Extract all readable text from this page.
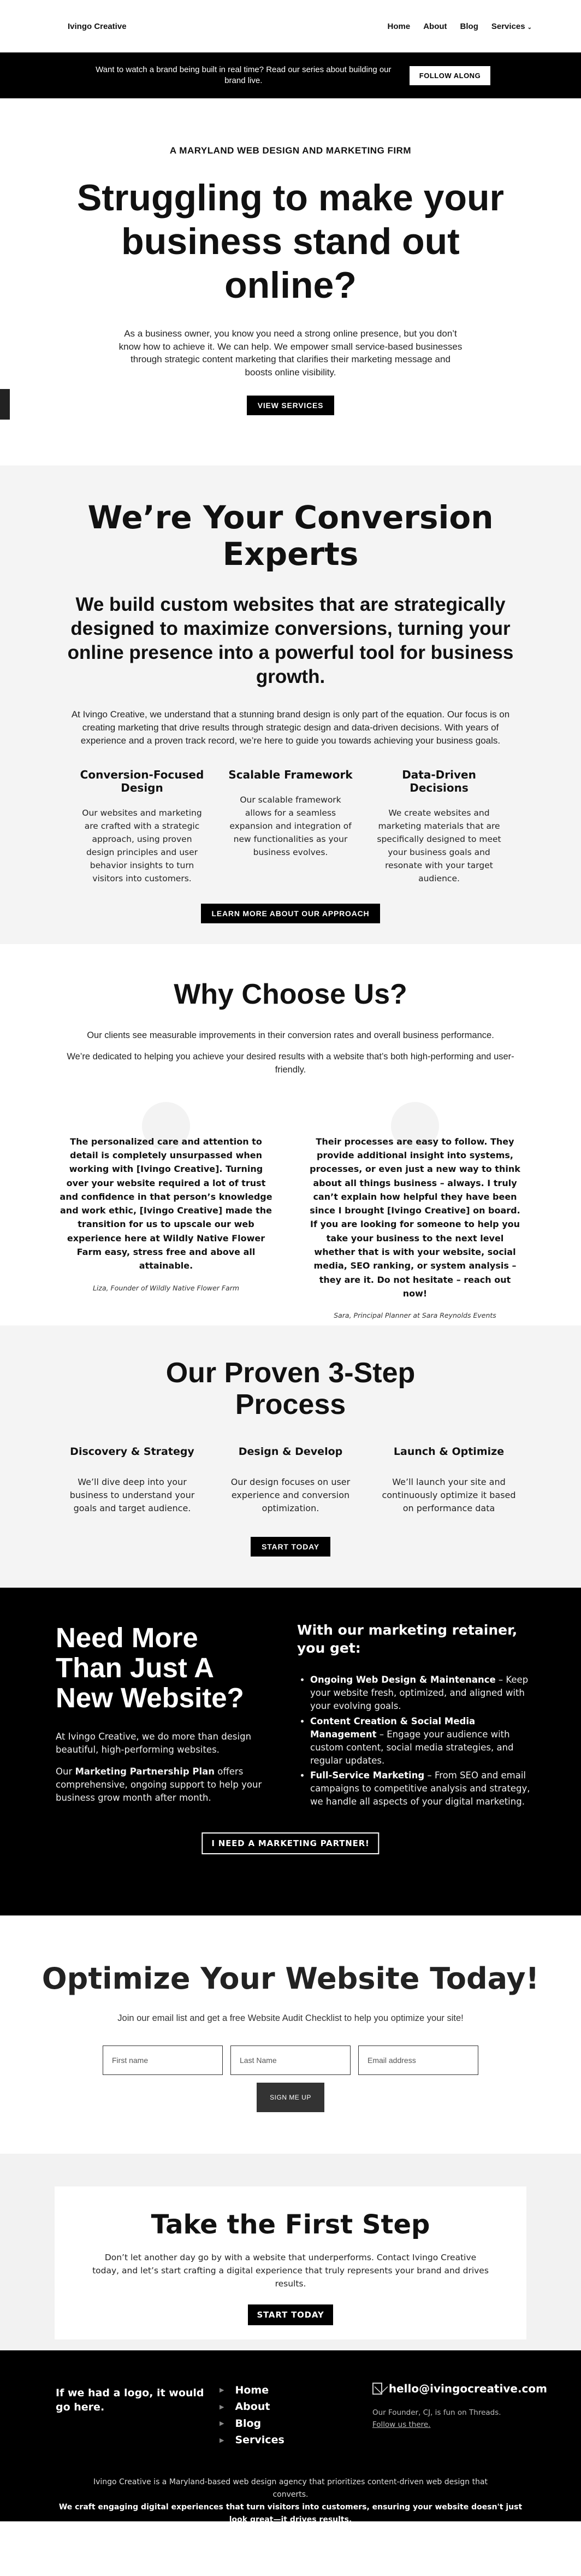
Ivingo Creative	Home About Blog Services ⌄

Want to watch a brand being built in real time? Read our series about building our brand live.

FOLLOW ALONG
A MARYLAND WEB DESIGN AND MARKETING FIRM
Struggling to make your business stand out online?

As a business owner, you know you need a strong online presence, but you don’t know how to achieve it. We can help. We empower small service-based businesses through strategic content marketing that clarifies their marketing message and boosts online visibility.

VIEW SERVICES
We’re Your Conversion Experts
We build custom websites that are strategically designed to maximize conversions, turning your online presence into a powerful tool for business growth.

At Ivingo Creative, we understand that a stunning brand design is only part of the equation. Our focus is on creating marketing that drive results through strategic design and data-driven decisions. With years of experience and a proven track record, we’re here to guide you towards achieving your business goals.

Conversion-Focused Design

Our websites and marketing are crafted with a strategic approach, using proven design principles and user behavior insights to turn visitors into customers.

Scalable Framework

Our scalable framework allows for a seamless expansion and integration of new functionalities as your business evolves.

Data-Driven Decisions

We create websites and marketing materials that are specifically designed to meet your business goals and resonate with your target audience.

LEARN MORE ABOUT OUR APPROACH
Why Choose Us?

Our clients see measurable improvements in their conversion rates and overall business performance.

We’re dedicated to helping you achieve your desired results with a website that’s both high-performing and user-friendly.

The personalized care and attention to detail is completely unsurpassed when working with [Ivingo Creative]. Turning over your website required a lot of trust and confidence in that person’s knowledge and work ethic, [Ivingo Creative] made the transition for us to upscale our web experience here at Wildly Native Flower Farm easy, stress free and above all attainable.

Liza, Founder of Wildly Native Flower Farm

Their processes are easy to follow. They provide additional insight into systems, processes, or even just a new way to think about all things business – always. I truly can’t explain how helpful they have been since I brought [Ivingo Creative] on board. If you are looking for someone to help you take your business to the next level whether that is with your website, social media, SEO ranking, or system analysis – they are it. Do not hesitate – reach out now!

Sara, Principal Planner at Sara Reynolds Events

Our Proven 3-Step Process
Discovery & Strategy

We’ll dive deep into your business to understand your goals and target audience.

Design & Develop

Our design focuses on user experience and conversion optimization.

Launch & Optimize

We’ll launch your site and continuously optimize it based on performance data

START TODAY
Need More Than Just A New Website?

At Ivingo Creative, we do more than design beautiful, high-performing websites.

Our Marketing Partnership Plan offers comprehensive, ongoing support to help your business grow month after month.

With our marketing retainer, you get:
• Ongoing Web Design & Maintenance – Keep your website fresh, optimized, and aligned with your evolving goals.
• Content Creation & Social Media Management – Engage your audience with custom content, social media strategies, and regular updates.
• Full-Service Marketing – From SEO and email campaigns to competitive analysis and strategy, we handle all aspects of your digital marketing.
I NEED A MARKETING PARTNER!
Optimize Your Website Today!

Join our email list and get a free Website Audit Checklist to help you optimize your site!

First name
Last Name
Email address
SIGN ME UP
Take the First Step

Don’t let another day go by with a website that underperforms. Contact Ivingo Creative today, and let’s start crafting a digital experience that truly represents your brand and drives results.

START TODAY
If we had a logo, it would go here.
▶ Home
▶ About
▶ Blog
▶ Services
hello@ivingocreative.com
Our Founder, CJ, is fun on Threads.
Follow us there.

Ivingo Creative is a Maryland-based web design agency that prioritizes content-driven web design that converts.

We craft engaging digital experiences that turn visitors into customers, ensuring your website doesn't just look great—it drives results.
